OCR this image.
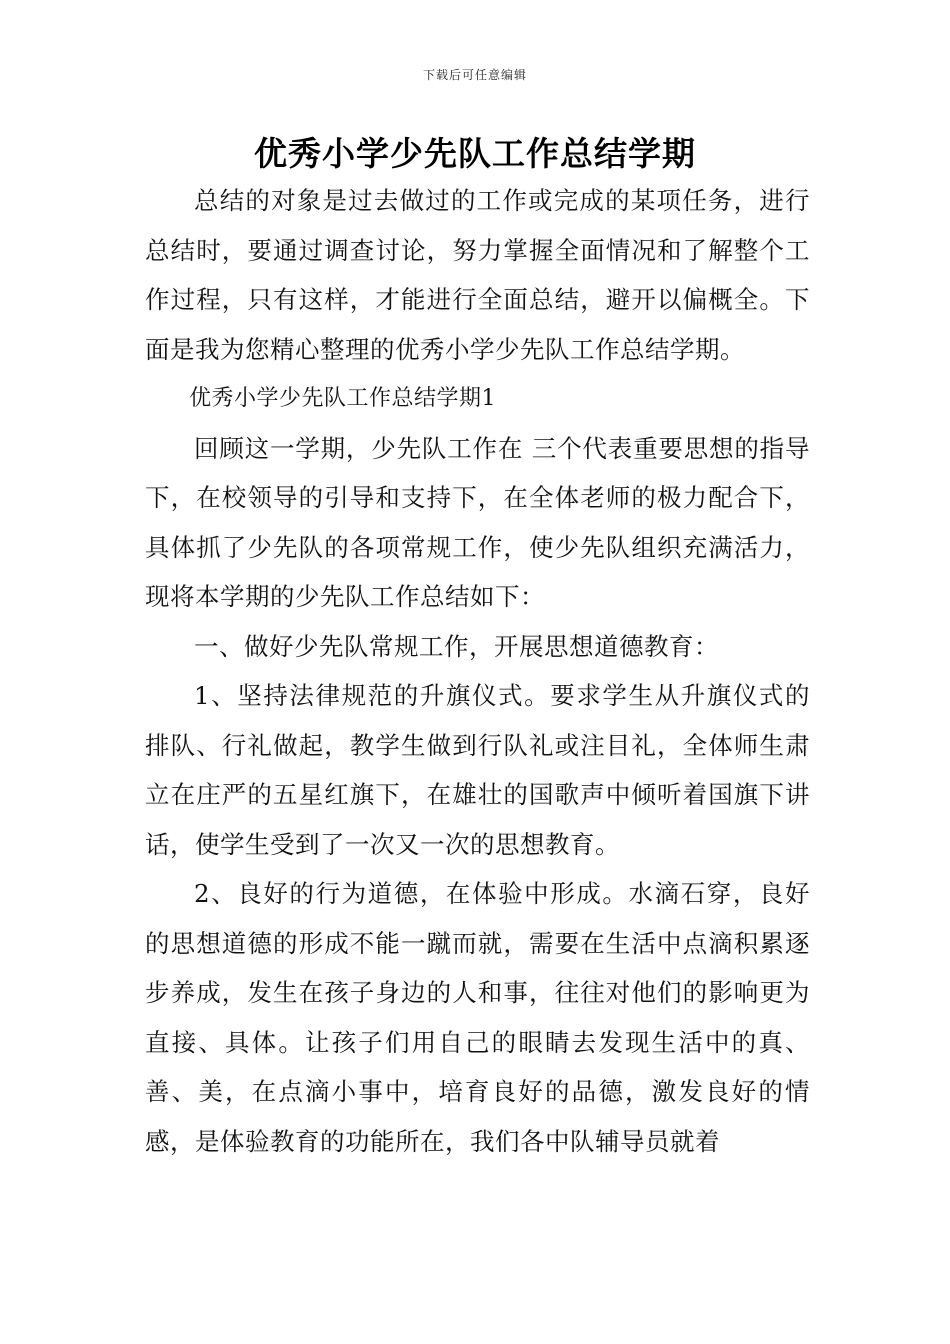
下载后可任意编辑
优秀小学少先队工作总结学期

总结的对象是过去做过的工作或完成的某项任务，进行总结时，要通过调查讨论，努力掌握全面情况和了解整个工作过程，只有这样，才能进行全面总结，避开以偏概全。下面是我为您精心整理的优秀小学少先队工作总结学期。

优秀小学少先队工作总结学期1

回顾这一学期，少先队工作在 三个代表重要思想的指导下，在校领导的引导和支持下，在全体老师的极力配合下，具体抓了少先队的各项常规工作，使少先队组织充满活力，现将本学期的少先队工作总结如下：

一、做好少先队常规工作，开展思想道德教育：

1、坚持法律规范的升旗仪式。要求学生从升旗仪式的排队、行礼做起，教学生做到行队礼或注目礼，全体师生肃立在庄严的五星红旗下，在雄壮的国歌声中倾听着国旗下讲话，使学生受到了一次又一次的思想教育。

2、良好的行为道德，在体验中形成。水滴石穿，良好的思想道德的形成不能一蹴而就，需要在生活中点滴积累逐步养成，发生在孩子身边的人和事，往往对他们的影响更为直接、具体。让孩子们用自己的眼睛去发现生活中的真、善、美，在点滴小事中，培育良好的品德，激发良好的情感，是体验教育的功能所在，我们各中队辅导员就着
